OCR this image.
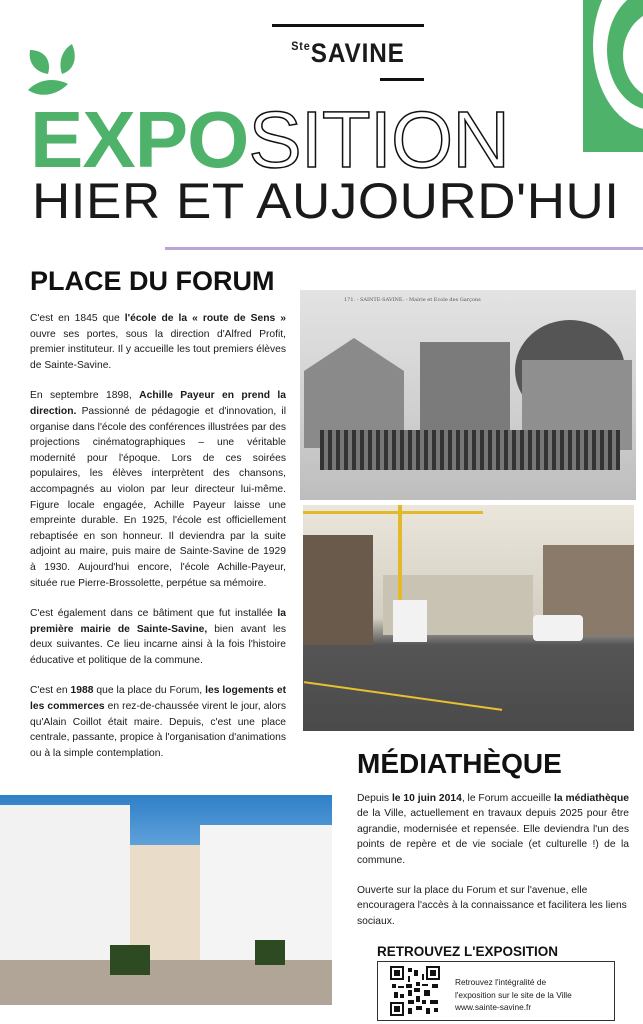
$^{Ste}$SAVINE
EXPOSITION
HIER ET AUJOURD'HUI
PLACE DU FORUM

C'est en 1845 que l'école de la « route de Sens » ouvre ses portes, sous la direction d'Alfred Profit, premier instituteur. Il y accueille les tout premiers élèves de Sainte-Savine.

En septembre 1898, Achille Payeur en prend la direction. Passionné de pédagogie et d'innovation, il organise dans l'école des conférences illustrées par des projections cinématographiques – une véritable modernité pour l'époque. Lors de ces soirées populaires, les élèves interprètent des chansons, accompagnés au violon par leur directeur lui-même. Figure locale engagée, Achille Payeur laisse une empreinte durable. En 1925, l'école est officiellement rebaptisée en son honneur. Il deviendra par la suite adjoint au maire, puis maire de Sainte-Savine de 1929 à 1930. Aujourd'hui encore, l'école Achille-Payeur, située rue Pierre-Brossolette, perpétue sa mémoire.

C'est également dans ce bâtiment que fut installée la première mairie de Sainte-Savine, bien avant les deux suivantes. Ce lieu incarne ainsi à la fois l'histoire éducative et politique de la commune.

C'est en 1988 que la place du Forum, les logements et les commerces en rez-de-chaussée virent le jour, alors qu'Alain Coillot était maire. Depuis, c'est une place centrale, passante, propice à l'organisation d'animations ou à la simple contemplation.

171. - SAINTE-SAVINE. - Mairie et Ecole des Garçons
MÉDIATHÈQUE

Depuis le 10 juin 2014, le Forum accueille la médiathèque de la Ville, actuellement en travaux depuis 2025 pour être agrandie, modernisée et repensée. Elle deviendra l'un des points de repère et de vie sociale (et culturelle !) de la commune.

Ouverte sur la place du Forum et sur l'avenue, elle encouragera l'accès à la connaissance et facilitera les liens sociaux.

RETROUVEZ L'EXPOSITION
Retrouvez l'intégralité de
l'exposition sur le site de la Ville
www.sainte-savine.fr
